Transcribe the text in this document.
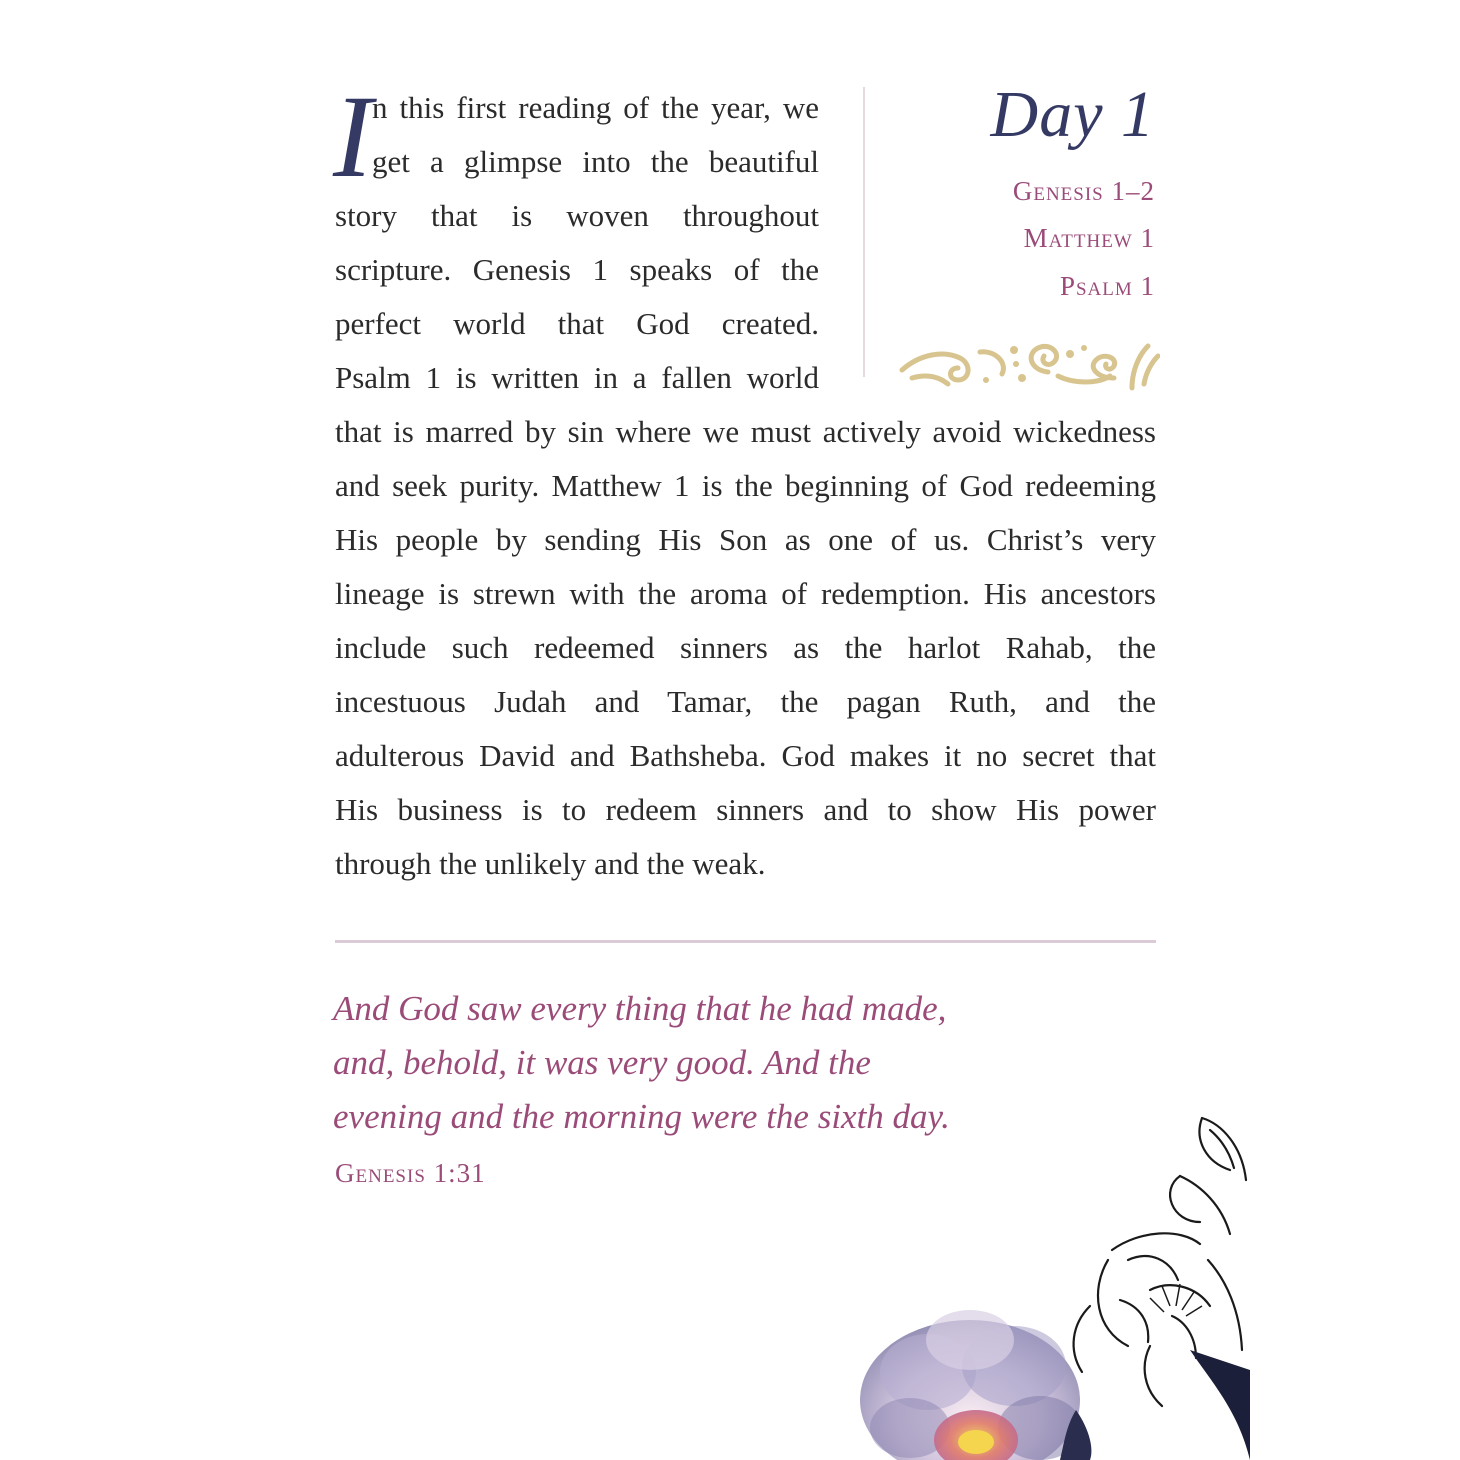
I n this first reading of the year, we
get a glimpse into the beautiful
story that is woven throughout
scripture. Genesis 1 speaks of the
perfect world that God created.
Psalm 1 is written in a fallen world
that is marred by sin where we must actively avoid wickedness
and seek purity. Matthew 1 is the beginning of God redeeming
His people by sending His Son as one of us. Christ’s very
lineage is strewn with the aroma of redemption. His ancestors
include such redeemed sinners as the harlot Rahab, the
incestuous Judah and Tamar, the pagan Ruth, and the
adulterous David and Bathsheba. God makes it no secret that
His business is to redeem sinners and to show His power
through the unlikely and the weak.
Day 1
Genesis 1–2
Matthew 1
Psalm 1
And God saw every thing that he had made,
and, behold, it was very good. And the
evening and the morning were the sixth day.
Genesis 1:31
